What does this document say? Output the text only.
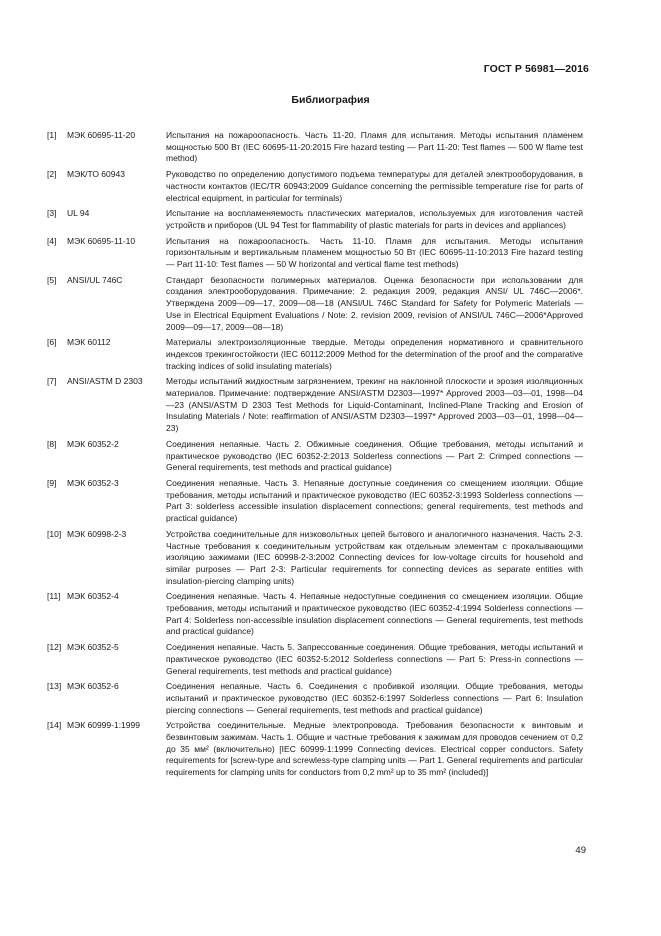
ГОСТ Р 56981—2016
Библиография
[1]	МЭК 60695-11-20	Испытания на пожароопасность. Часть 11-20. Пламя для испытания. Методы испытания пламенем мощностью 500 Вт (IEC 60695-11-20:2015 Fire hazard testing — Part 11-20: Test flames — 500 W flame test method)
[2]	МЭК/ТО 60943	Руководство по определению допустимого подъема температуры для деталей электрооборудования, в частности контактов (IEC/TR 60943:2009 Guidance concerning the permissible temperature rise for parts of electrical equipment, in particular for terminals)
[3]	UL 94	Испытание на воспламеняемость пластических материалов, используемых для изготовления частей устройств и приборов (UL 94 Test for flammability of plastic materials for parts in devices and appliances)
[4]	МЭК 60695-11-10	Испытания на пожароопасность. Часть 11-10. Пламя для испытания. Методы испытания горизонтальным и вертикальным пламенем мощностью 50 Вт (IEC 60695-11-10:2013 Fire hazard testing — Part 11-10: Test flames — 50 W horizontal and vertical flame test methods)
[5]	ANSI/UL 746C	Стандарт безопасности полимерных материалов. Оценка безопасности при использовании для создания электрооборудования. Примечание: 2. редакция 2009, редакция ANSI/ UL 746C—2006*. Утверждена 2009—09—17, 2009—08—18 (ANSI/UL 746C Standard for Safety for Polymeric Materials — Use in Electrical Equipment Evaluations / Note: 2. revision 2009, revision of ANSI/UL 746C—2006*Approved 2009—09—17, 2009—08—18)
[6]	МЭК 60112	Материалы электроизоляционные твердые. Методы определения нормативного и сравнительного индексов трекингостойкости (IEC 60112:2009 Method for the determination of the proof and the comparative tracking indices of solid insulating materials)
[7]	ANSI/ASTM D 2303	Методы испытаний жидкостным загрязнением, трекинг на наклонной плоскости и эрозия изоляционных материалов. Примечание: подтверждение ANSI/ASTM D2303—1997* Approved 2003—03—01, 1998—04—23 (ANSI/ASTM D 2303 Test Methods for Liquid-Contaminant, Inclined-Plane Tracking and Erosion of Insulating Materials / Note: reaffirmation of ANSI/ASTM D2303—1997* Approved 2003—03—01, 1998—04—23)
[8]	МЭК 60352-2	Соединения непаяные. Часть 2. Обжимные соединения. Общие требования, методы испытаний и практическое руководство (IEC 60352-2:2013 Solderless connections — Part 2: Crimped connections — General requirements, test methods and practical guidance)
[9]	МЭК 60352-3	Соединения непаяные. Часть 3. Непаяные доступные соединения со смещением изоляции. Общие требования, методы испытаний и практическое руководство (IEC 60352-3:1993 Solderless connections — Part 3: solderless accessible insulation displacement connections; general requirements, test methods and practical guidance)
[10] МЭК 60998-2-3	Устройства соединительные для низковольтных цепей бытового и аналогичного назначения. Часть 2-3. Частные требования к соединительным устройствам как отдельным элементам с прокалывающими изоляцию зажимами (IEC 60998-2-3:2002 Connecting devices for low-voltage circuits for household and similar purposes — Part 2-3: Particular requirements for connecting devices as separate entities with insulation-piercing clamping units)
[11] МЭК 60352-4	Соединения непаяные. Часть 4. Непаяные недоступные соединения со смещением изоляции. Общие требования, методы испытаний и практическое руководство (IEC 60352-4:1994 Solderless connections — Part 4: Solderless non-accessible insulation displacement connections — General requirements, test methods and practical guidance)
[12] МЭК 60352-5	Соединения непаяные. Часть 5. Запрессованные соединения. Общие требования, методы испытаний и практическое руководство (IEC 60352-5:2012 Solderless connections — Part 5: Press-in connections — General requirements, test methods and practical guidance)
[13] МЭК 60352-6	Соединения непаяные. Часть 6. Соединения с пробивкой изоляции. Общие требования, методы испытаний и практическое руководство (IEC 60352-6:1997 Solderless connections — Part 6: Insulation piercing connections — General requirements, test methods and practical guidance)
[14] МЭК 60999-1:1999	Устройства соединительные. Медные электропровода. Требования безопасности к винтовым и безвинтовым зажимам. Часть 1. Общие и частные требования к зажимам для проводов сечением от 0,2 до 35 мм² (включительно) [IEC 60999-1:1999 Connecting devices. Electrical copper conductors. Safety requirements for [screw-type and screwless-type clamping units — Part 1. General requirements and particular requirements for clamping units for conductors from 0,2 mm² up to 35 mm² (included)]
49
